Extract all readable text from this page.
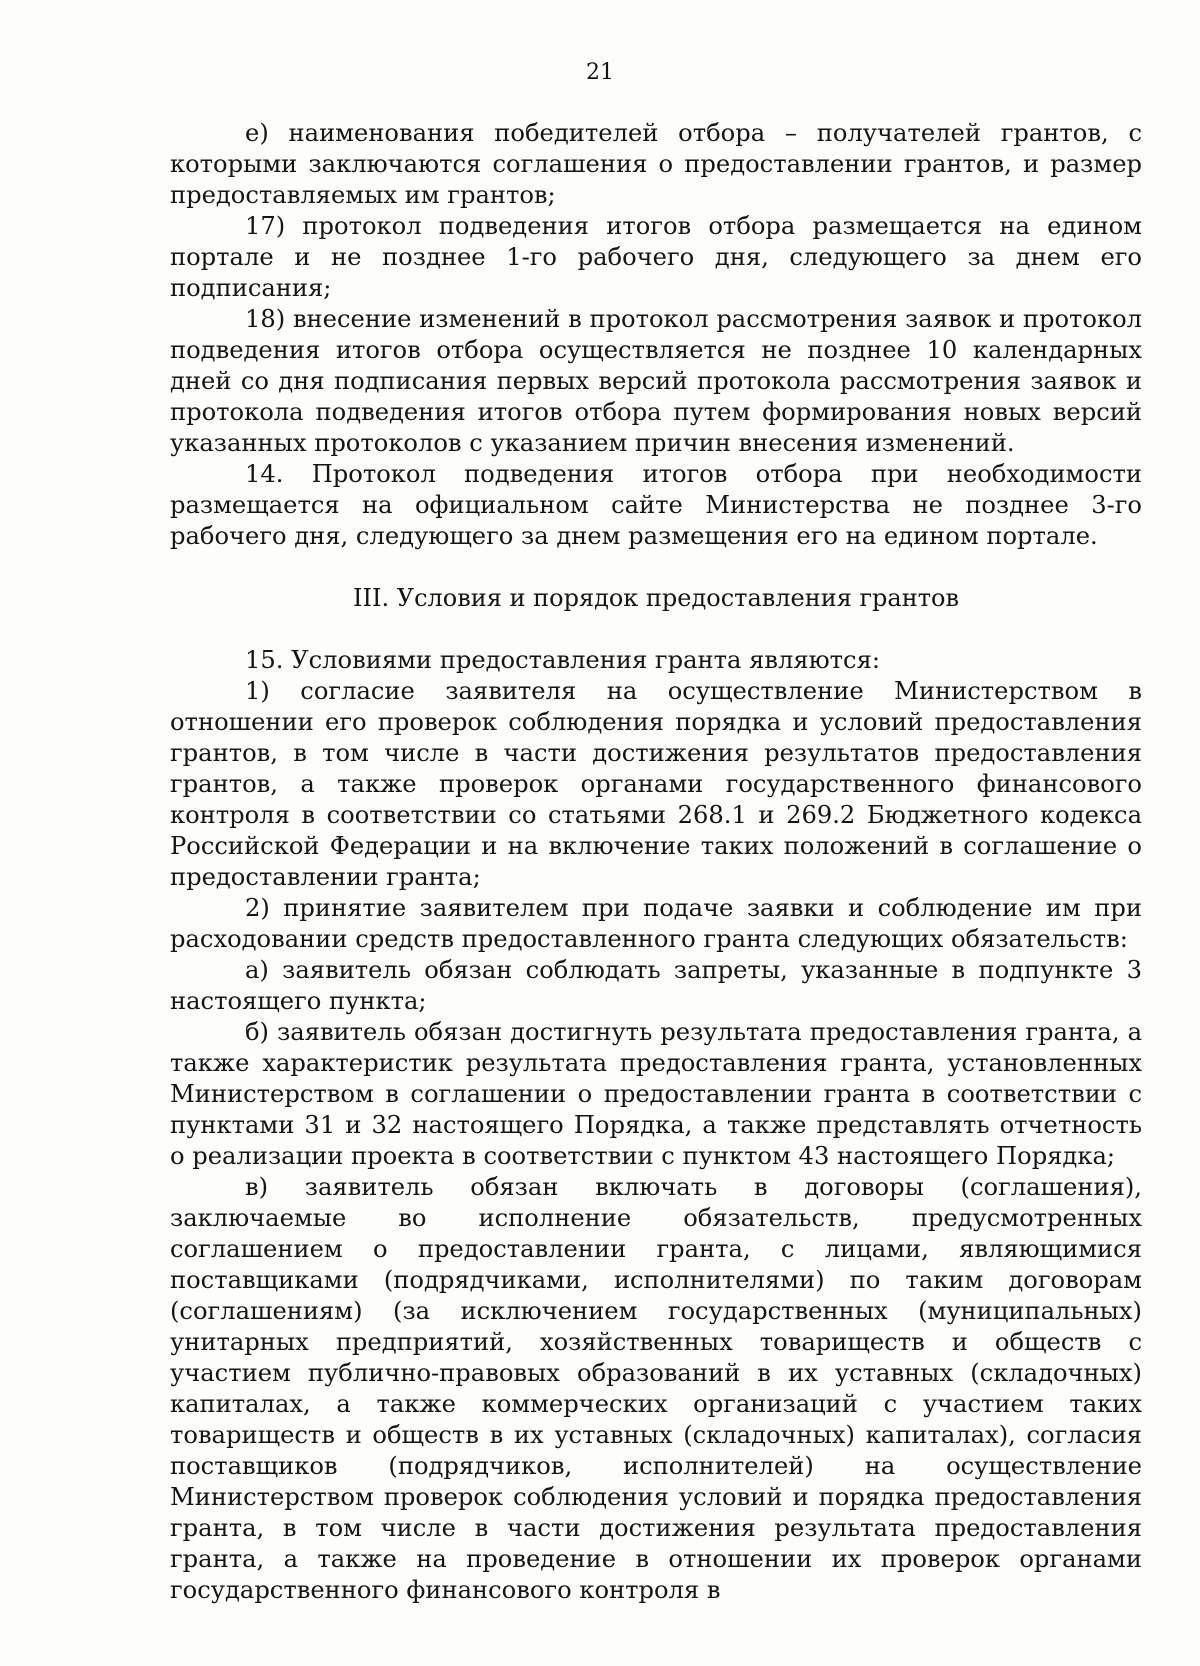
21

е) наименования победителей отбора – получателей грантов, с которыми заключаются соглашения о предоставлении грантов, и размер предоставляемых им грантов;

17) протокол подведения итогов отбора размещается на едином портале и не позднее 1-го рабочего дня, следующего за днем его подписания;

18) внесение изменений в протокол рассмотрения заявок и протокол подведения итогов отбора осуществляется не позднее 10 календарных дней со дня подписания первых версий протокола рассмотрения заявок и протокола подведения итогов отбора путем формирования новых версий указанных протоколов с указанием причин внесения изменений.

14. Протокол подведения итогов отбора при необходимости размещается на официальном сайте Министерства не позднее 3-го рабочего дня, следующего за днем размещения его на едином портале.

III. Условия и порядок предоставления грантов

15. Условиями предоставления гранта являются:

1) согласие заявителя на осуществление Министерством в отношении его проверок соблюдения порядка и условий предоставления грантов, в том числе в части достижения результатов предоставления грантов, а также проверок органами государственного финансового контроля в соответствии со статьями 268.1 и 269.2 Бюджетного кодекса Российской Федерации и на включение таких положений в соглашение о предоставлении гранта;

2) принятие заявителем при подаче заявки и соблюдение им при расходовании средств предоставленного гранта следующих обязательств:

а) заявитель обязан соблюдать запреты, указанные в подпункте 3 настоящего пункта;

б) заявитель обязан достигнуть результата предоставления гранта, а также характеристик результата предоставления гранта, установленных Министерством в соглашении о предоставлении гранта в соответствии с пунктами 31 и 32 настоящего Порядка, а также представлять отчетность о реализации проекта в соответствии с пунктом 43 настоящего Порядка;

в) заявитель обязан включать в договоры (соглашения), заключаемые во исполнение обязательств, предусмотренных соглашением о предоставлении гранта, с лицами, являющимися поставщиками (подрядчиками, исполнителями) по таким договорам (соглашениям) (за исключением государственных (муниципальных) унитарных предприятий, хозяйственных товариществ и обществ с участием публично-правовых образований в их уставных (складочных) капиталах, а также коммерческих организаций с участием таких товариществ и обществ в их уставных (складочных) капиталах), согласия поставщиков (подрядчиков, исполнителей) на осуществление Министерством проверок соблюдения условий и порядка предоставления гранта, в том числе в части достижения результата предоставления гранта, а также на проведение в отношении их проверок органами государственного финансового контроля в
